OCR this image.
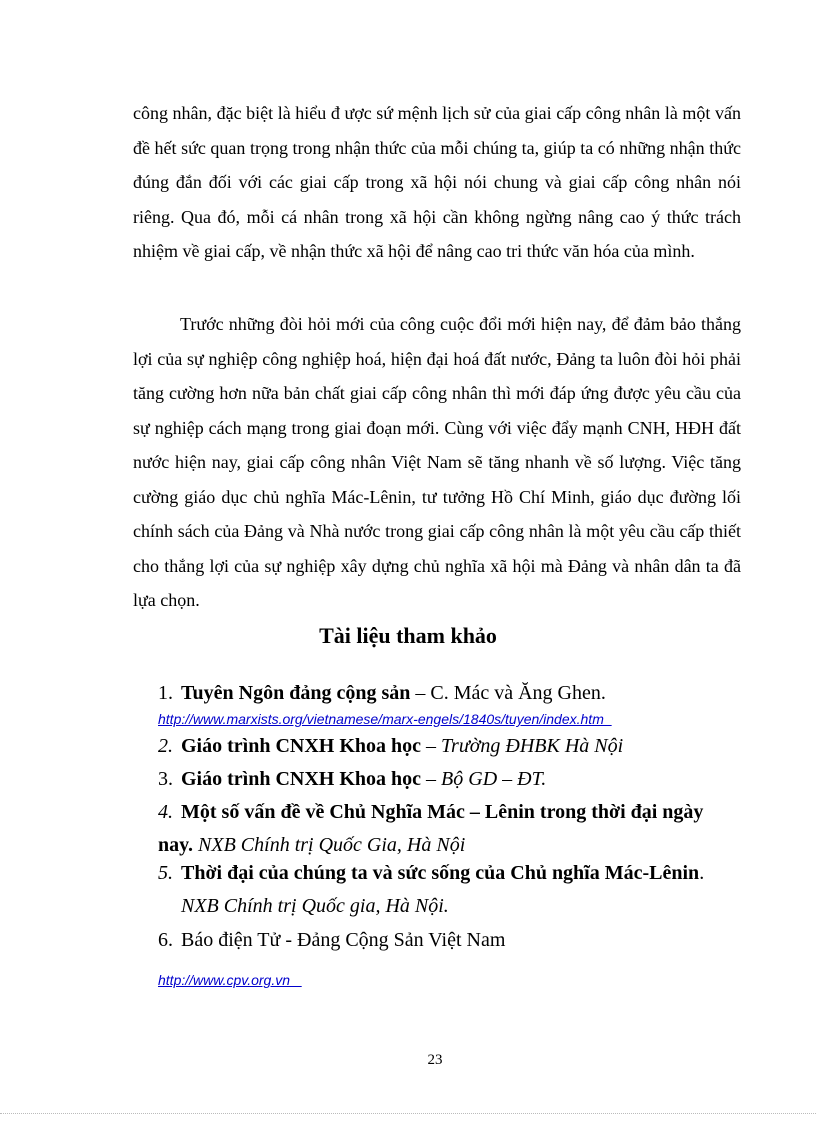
công nhân, đặc biệt là hiểu đ ược sứ mệnh lịch sử của giai cấp công nhân là một vấn đề hết sức quan trọng trong nhận thức của mỗi chúng ta, giúp ta có những nhận thức đúng đắn đối với các giai cấp trong xã hội nói chung và giai cấp công nhân nói riêng. Qua đó, mỗi cá nhân trong xã hội cần không ngừng nâng cao ý thức trách nhiệm về giai cấp, về nhận thức xã hội để nâng cao tri thức văn hóa của mình.

Trước những đòi hỏi mới của công cuộc đổi mới hiện nay, để đảm bảo thắng lợi của sự nghiệp công nghiệp hoá, hiện đại hoá đất nước, Đảng ta luôn đòi hỏi phải tăng cường hơn nữa bản chất giai cấp công nhân thì mới đáp ứng được yêu cầu của sự nghiệp cách mạng trong giai đoạn mới. Cùng với việc đẩy mạnh CNH, HĐH đất nước hiện nay, giai cấp công nhân Việt Nam sẽ tăng nhanh về số lượng. Việc tăng cường giáo dục chủ nghĩa Mác-Lênin, tư tưởng Hồ Chí Minh, giáo dục đường lối chính sách của Đảng và Nhà nước trong giai cấp công nhân là một yêu cầu cấp thiết cho thắng lợi của sự nghiệp xây dựng chủ nghĩa xã hội mà Đảng và nhân dân ta đã lựa chọn.

Tài liệu tham khảo

1. Tuyên Ngôn đảng cộng sản – C. Mác và Ăng Ghen.

http://www.marxists.org/vietnamese/marx-engels/1840s/tuyen/index.htm

2. Giáo trình CNXH Khoa học – Trường ĐHBK Hà Nội

3. Giáo trình CNXH Khoa học – Bộ GD – ĐT.

4. Một số vấn đề về Chủ Nghĩa Mác – Lênin trong thời đại ngày
nay. NXB Chính trị Quốc Gia, Hà Nội

5. Thời đại của chúng ta và sức sống của Chủ nghĩa Mác-Lênin.
NXB Chính trị Quốc gia, Hà Nội.

6. Báo điện Tử - Đảng Cộng Sản Việt Nam

http://www.cpv.org.vn
23
